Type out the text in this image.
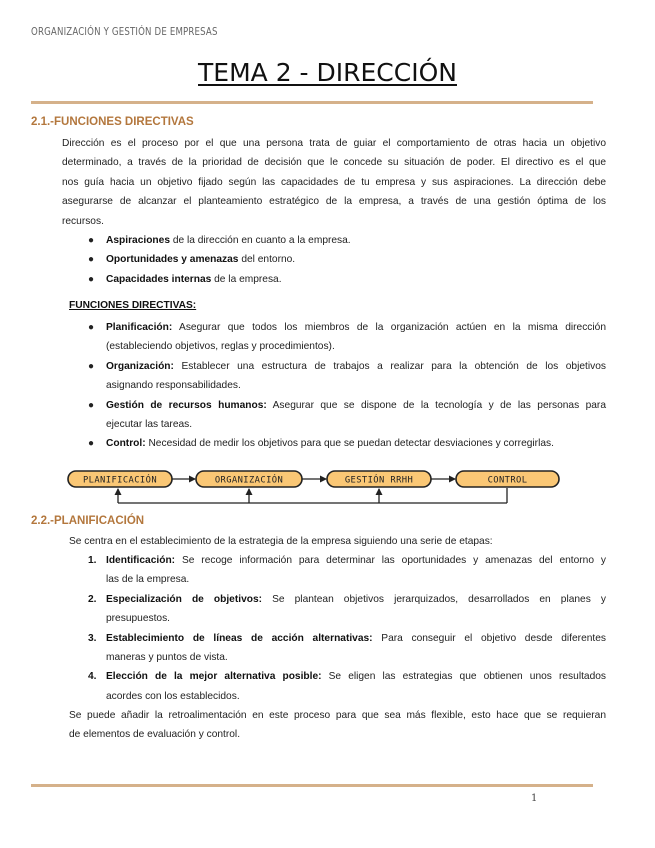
ORGANIZACIÓN Y GESTIÓN DE EMPRESAS
TEMA 2 - DIRECCIÓN
2.1.-FUNCIONES DIRECTIVAS
Dirección es el proceso por el que una persona trata de guiar el comportamiento de otras hacia un objetivo
determinado, a través de la prioridad de decisión que le concede su situación de poder. El directivo es el que
nos guía hacia un objetivo fijado según las capacidades de tu empresa y sus aspiraciones. La dirección debe
asegurarse de alcanzar el planteamiento estratégico de la empresa, a través de una gestión óptima de los
recursos.
● Aspiraciones de la dirección en cuanto a la empresa.
● Oportunidades y amenazas del entorno.
● Capacidades internas de la empresa.
FUNCIONES DIRECTIVAS:
● Planificación: Asegurar que todos los miembros de la organización actúen en la misma dirección
(estableciendo objetivos, reglas y procedimientos).
● Organización: Establecer una estructura de trabajos a realizar para la obtención de los objetivos
asignando responsabilidades.
● Gestión de recursos humanos: Asegurar que se dispone de la tecnología y de las personas para
ejecutar las tareas.
● Control: Necesidad de medir los objetivos para que se puedan detectar desviaciones y corregirlas.
PLANIFICACIÓN	ORGANIZACIÓN	GESTIÓN RRHH	CONTROL
2.2.-PLANIFICACIÓN
Se centra en el establecimiento de la estrategia de la empresa siguiendo una serie de etapas:
1. Identificación: Se recoge información para determinar las oportunidades y amenazas del entorno y
las de la empresa.
2. Especialización de objetivos: Se plantean objetivos jerarquizados, desarrollados en planes y
presupuestos.
3. Establecimiento de líneas de acción alternativas: Para conseguir el objetivo desde diferentes
maneras y puntos de vista.
4. Elección de la mejor alternativa posible: Se eligen las estrategias que obtienen unos resultados
acordes con los establecidos.
Se puede añadir la retroalimentación en este proceso para que sea más flexible, esto hace que se requieran
de elementos de evaluación y control.
1
